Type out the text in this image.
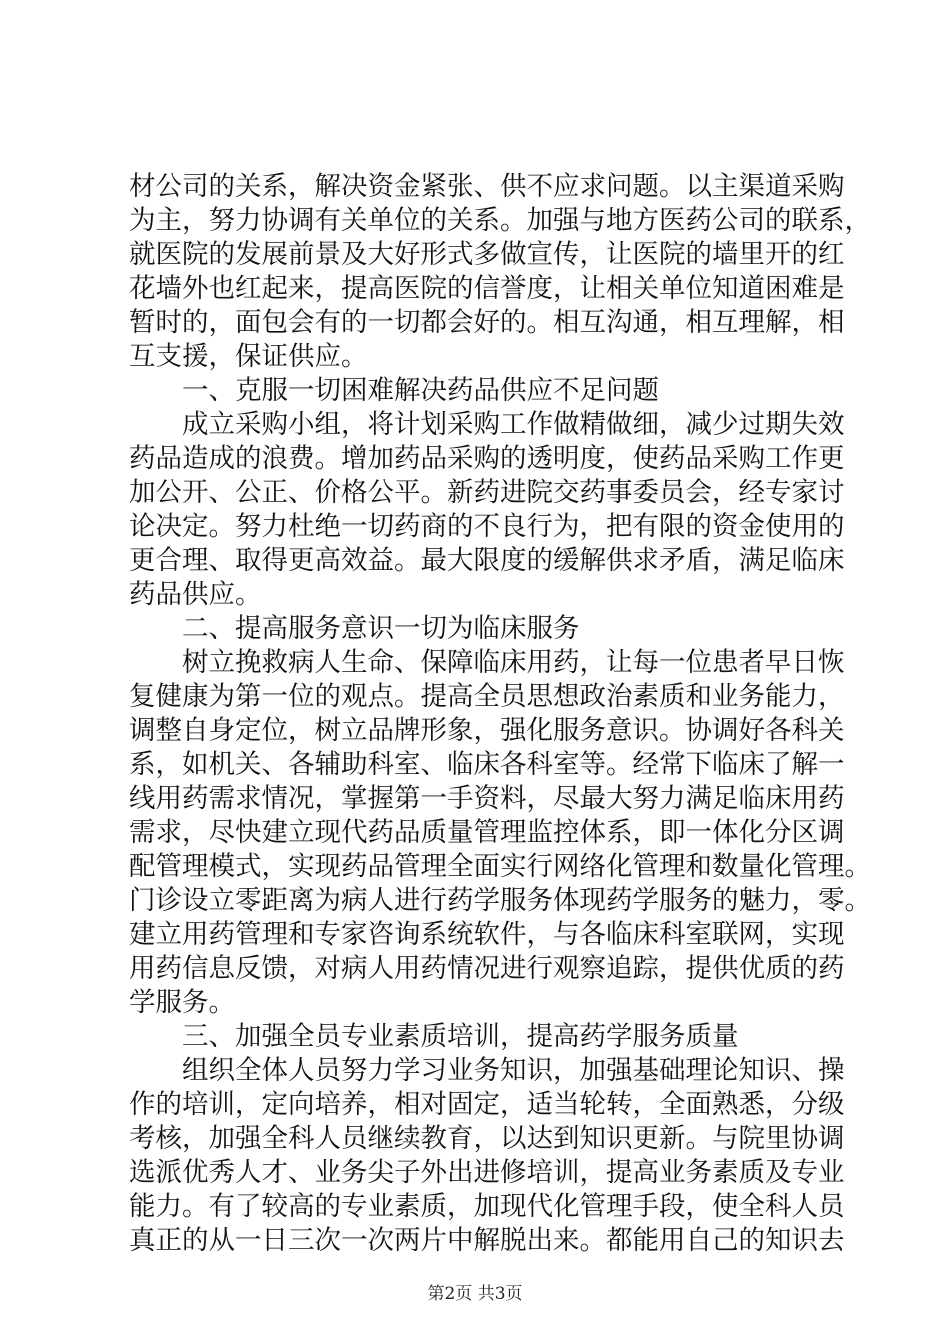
材公司的关系，解决资金紧张、供不应求问题。以主渠道采购
为主，努力协调有关单位的关系。加强与地方医药公司的联系，
就医院的发展前景及大好形式多做宣传，让医院的墙里开的红
花墙外也红起来，提高医院的信誉度，让相关单位知道困难是
暂时的，面包会有的一切都会好的。相互沟通，相互理解，相
互支援，保证供应。
一、克服一切困难解决药品供应不足问题
成立采购小组，将计划采购工作做精做细，减少过期失效
药品造成的浪费。增加药品采购的透明度，使药品采购工作更
加公开、公正、价格公平。新药进院交药事委员会，经专家讨
论决定。努力杜绝一切药商的不良行为，把有限的资金使用的
更合理、取得更高效益。最大限度的缓解供求矛盾，满足临床
药品供应。
二、提高服务意识一切为临床服务
树立挽救病人生命、保障临床用药，让每一位患者早日恢
复健康为第一位的观点。提高全员思想政治素质和业务能力，
调整自身定位，树立品牌形象，强化服务意识。协调好各科关
系，如机关、各辅助科室、临床各科室等。经常下临床了解一
线用药需求情况，掌握第一手资料，尽最大努力满足临床用药
需求，尽快建立现代药品质量管理监控体系，即一体化分区调
配管理模式，实现药品管理全面实行网络化管理和数量化管理。
门诊设立零距离为病人进行药学服务体现药学服务的魅力，零。
建立用药管理和专家咨询系统软件，与各临床科室联网，实现
用药信息反馈，对病人用药情况进行观察追踪，提供优质的药
学服务。
三、加强全员专业素质培训，提高药学服务质量
组织全体人员努力学习业务知识，加强基础理论知识、操
作的培训，定向培养，相对固定，适当轮转，全面熟悉，分级
考核，加强全科人员继续教育，以达到知识更新。与院里协调
选派优秀人才、业务尖子外出进修培训，提高业务素质及专业
能力。有了较高的专业素质，加现代化管理手段，使全科人员
真正的从一日三次一次两片中解脱出来。都能用自己的知识去
第2页 共3页
